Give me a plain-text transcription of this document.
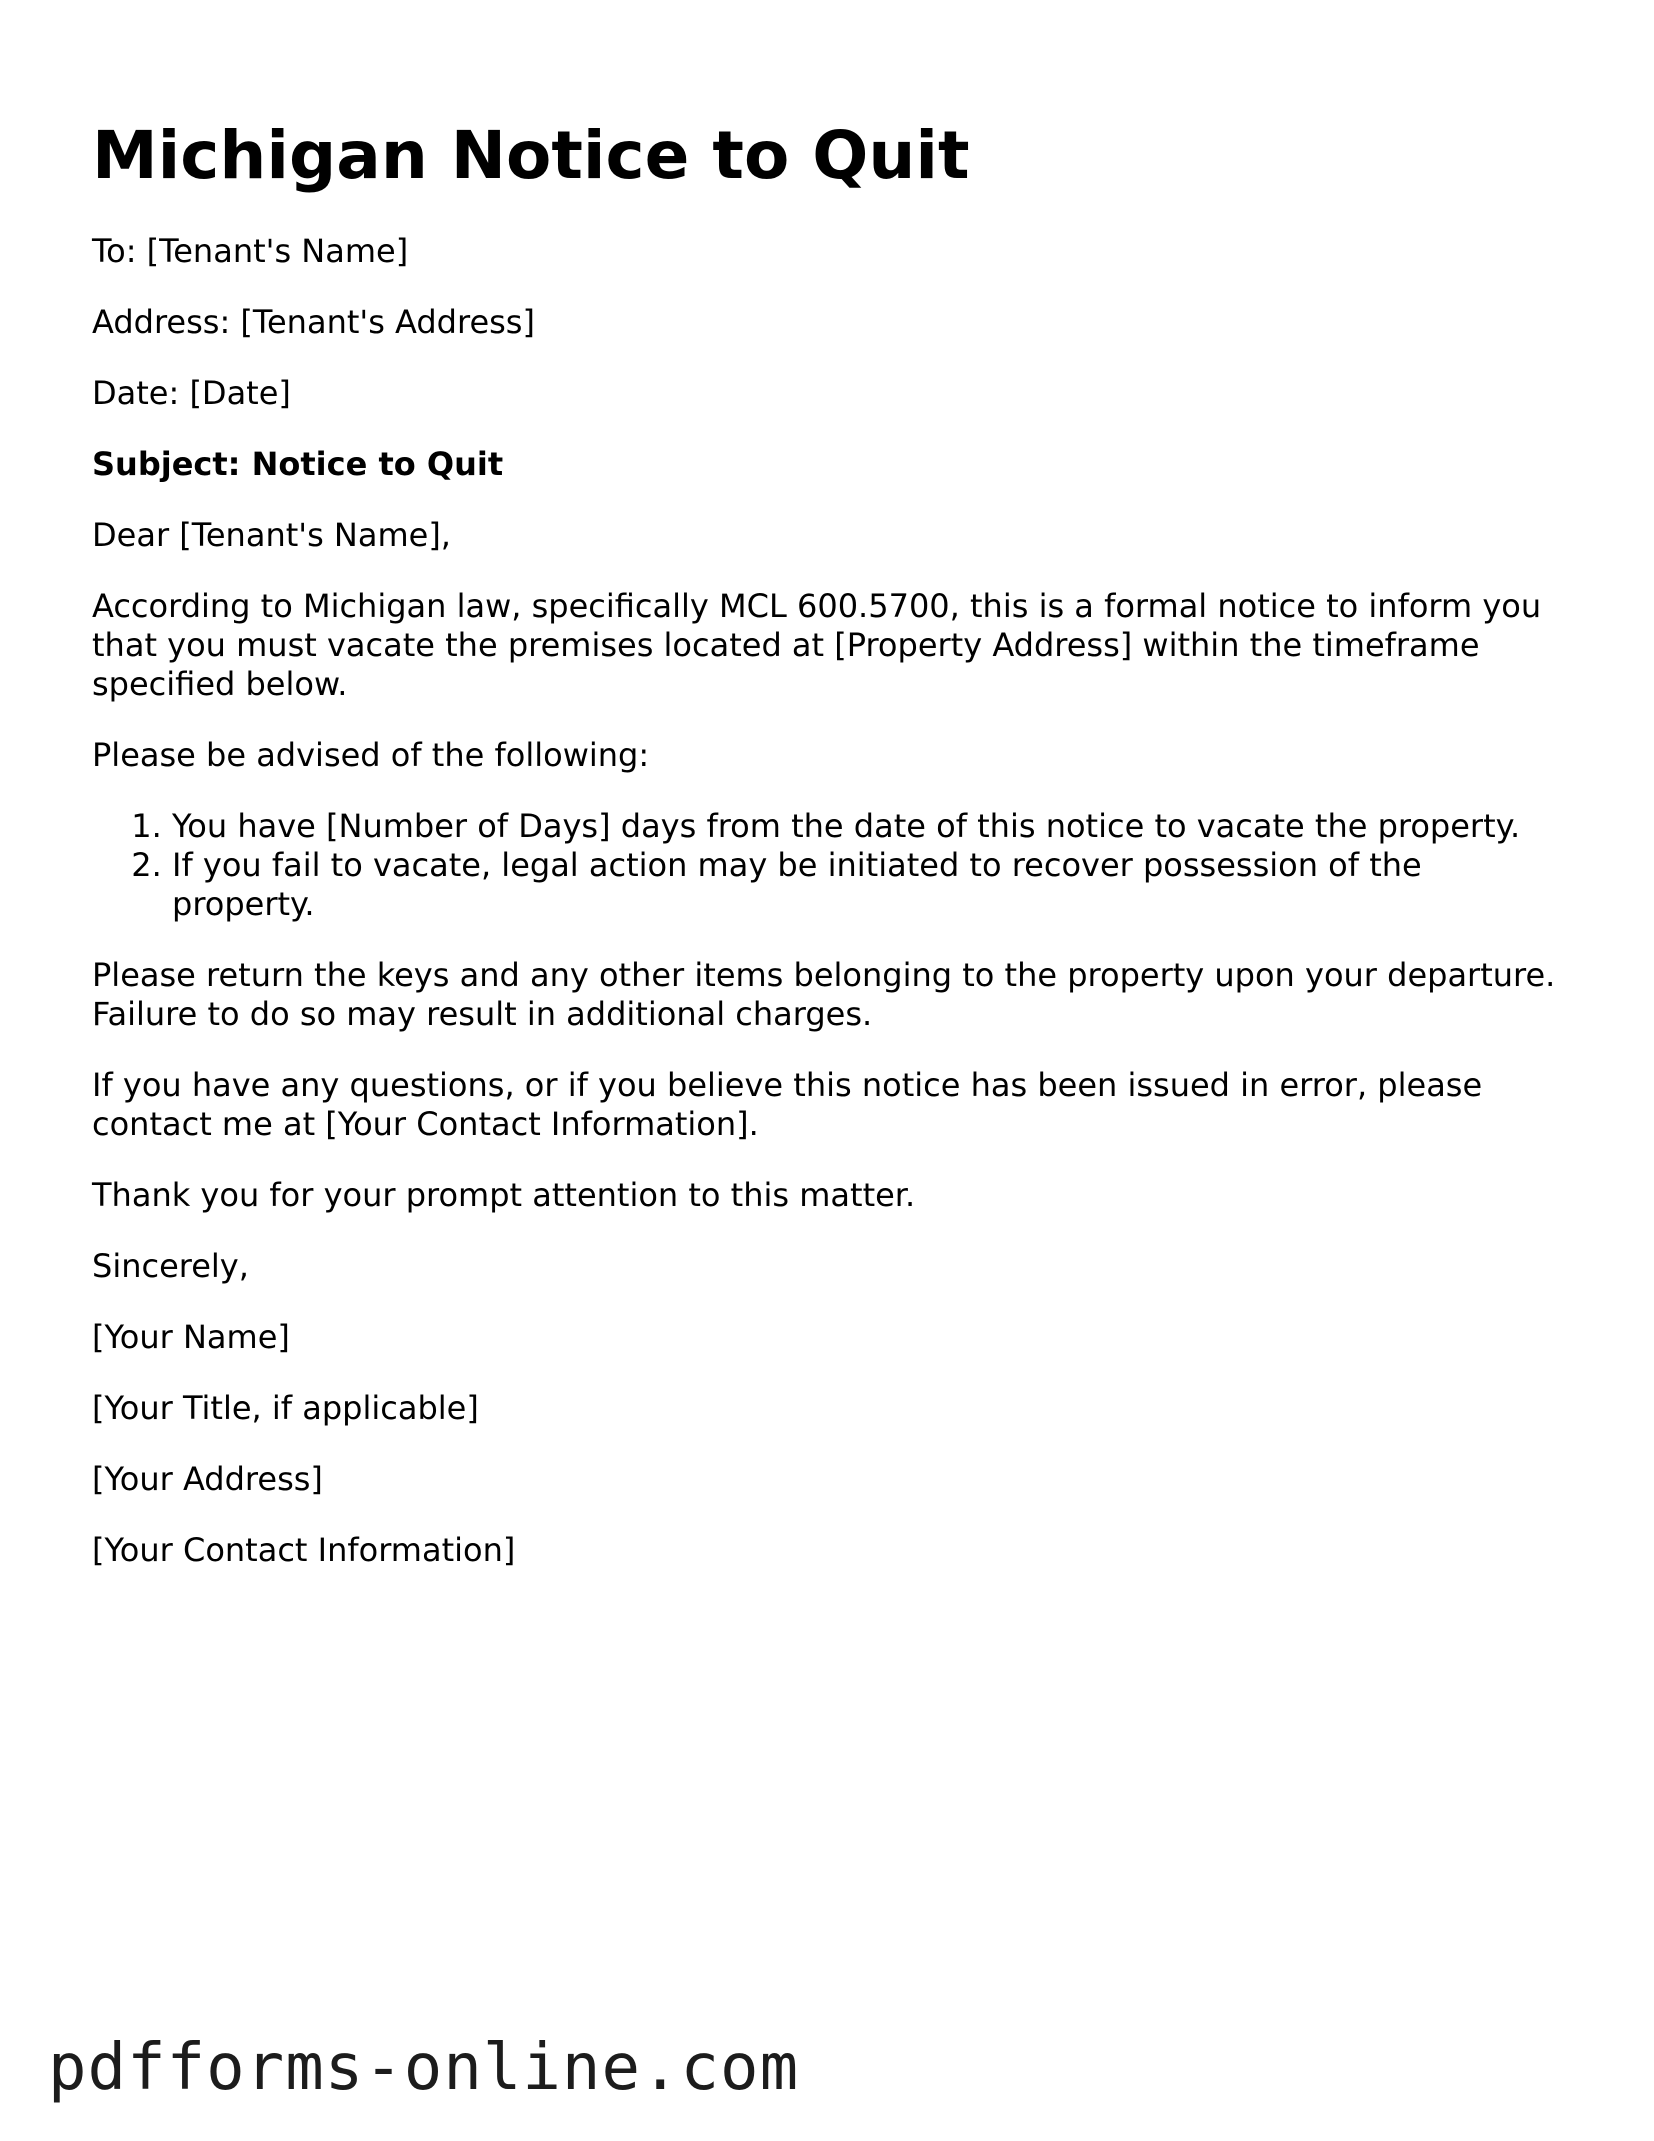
Michigan Notice to Quit

To: [Tenant's Name]

Address: [Tenant's Address]

Date: [Date]

Subject: Notice to Quit

Dear [Tenant's Name],

According to Michigan law, specifically MCL 600.5700, this is a formal notice to inform you that you must vacate the premises located at [Property Address] within the timeframe specified below.

Please be advised of the following:

1. You have [Number of Days] days from the date of this notice to vacate the property.
2. If you fail to vacate, legal action may be initiated to recover possession of the property.

Please return the keys and any other items belonging to the property upon your departure. Failure to do so may result in additional charges.

If you have any questions, or if you believe this notice has been issued in error, please contact me at [Your Contact Information].

Thank you for your prompt attention to this matter.

Sincerely,

[Your Name]

[Your Title, if applicable]

[Your Address]

[Your Contact Information]

pdfforms-online.com
